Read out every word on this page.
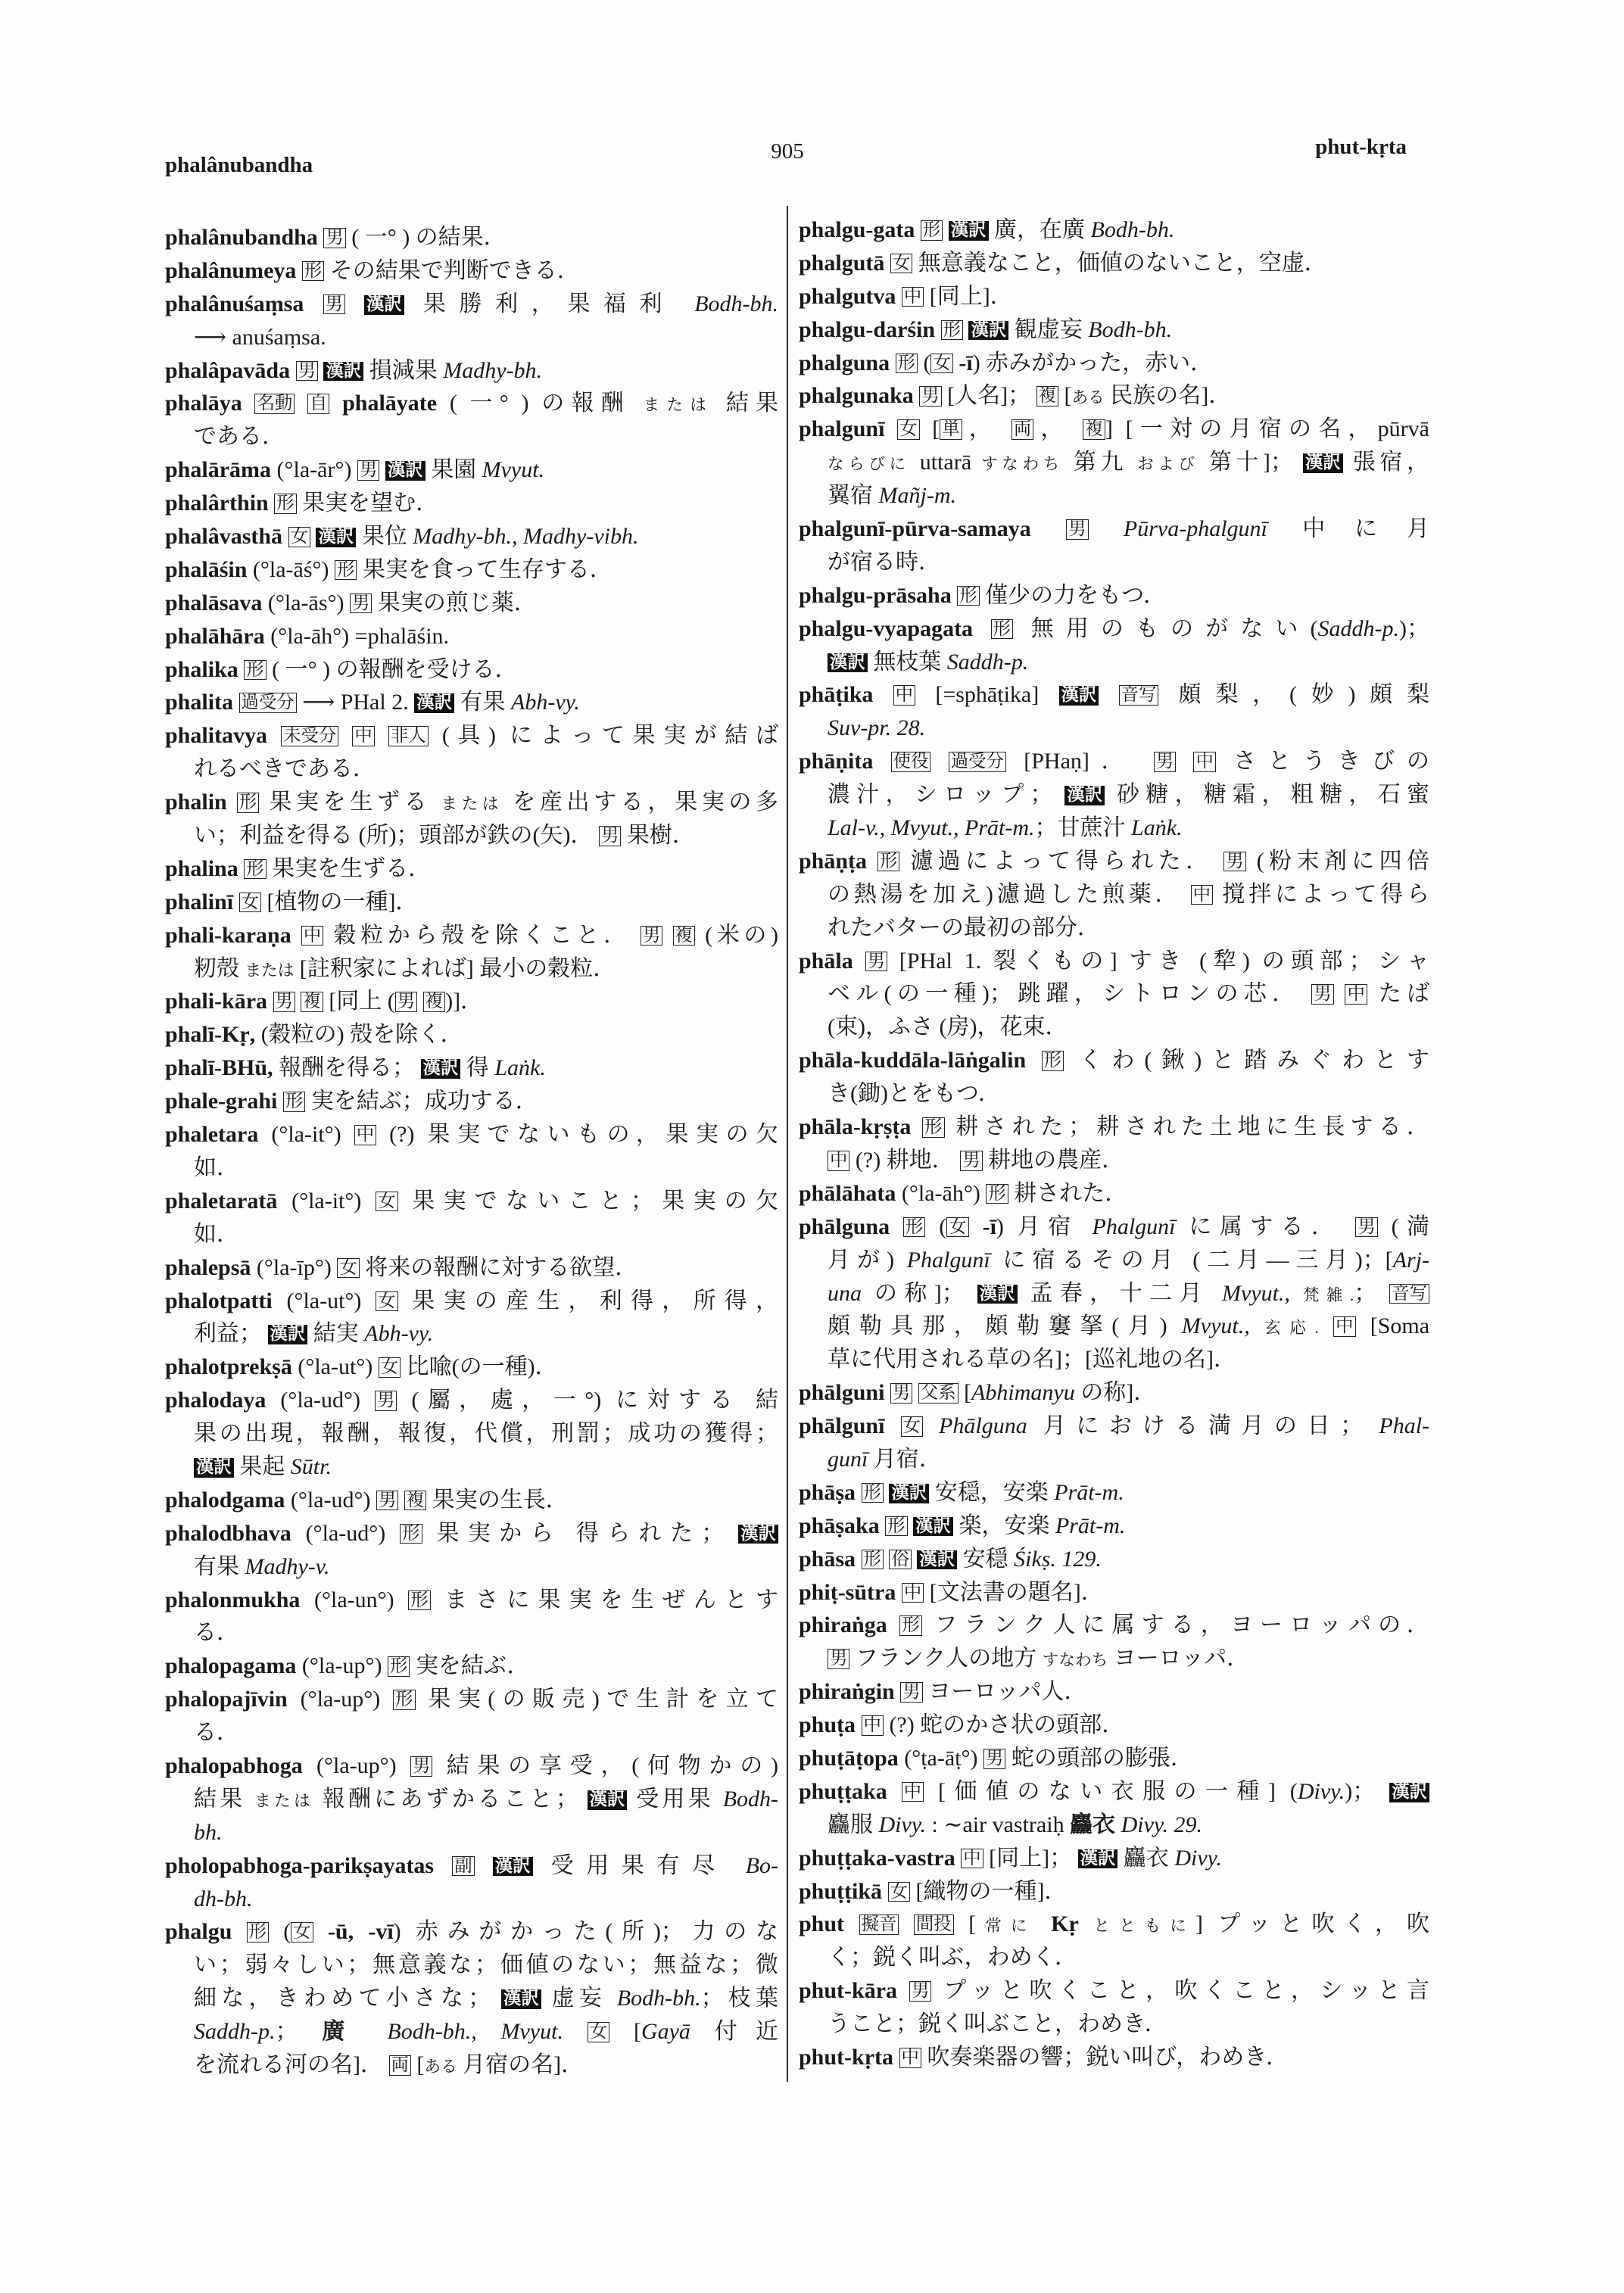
phalânubandha
905	phut-kṛta
phalânubandha 男 ( 一° ) の結果．
phalânumeya 形 その結果で判断できる．
phalânuśaṃsa 男 漢訳 果勝利，果福利 Bodh-bh.
⟶ anuśaṃsa.
phalâpavāda 男 漢訳 損減果 Madhy-bh.
phalāya 名動 自 phalāyate ( 一° ) の報酬 または 結果
である．
phalārāma (°la-ār°) 男 漢訳 果園 Mvyut.
phalârthin 形 果実を望む．
phalâvasthā 女 漢訳 果位 Madhy-bh., Madhy-vibh.
phalāśin (°la-āś°) 形 果実を食って生存する．
phalāsava (°la-ās°) 男 果実の煎じ薬．
phalāhāra (°la-āh°) =phalāśin.
phalika 形 ( 一° ) の報酬を受ける．
phalita 過受分 ⟶ PHal 2. 漢訳 有果 Abh-vy.
phalitavya 未受分 中 非人 (具) によって果実が結ば
れるべきである．
phalin 形 果実を生ずる または を産出する，果実の多
い；利益を得る (所)；頭部が鉄の(矢)． 男 果樹．
phalina 形 果実を生ずる．
phalinī 女 [植物の一種]．
phali-karaṇa 中 穀粒から殻を除くこと． 男 複 (米の)
籾殻 または [註釈家によれば] 最小の穀粒．
phali-kāra 男 複 [同上 ( 男 複 )]．
phalī-Kṛ, (穀粒の) 殻を除く．
phalī-BHū, 報酬を得る； 漢訳 得 Laṅk.
phale-grahi 形 実を結ぶ；成功する．
phaletara (°la-it°) 中 (?) 果実でないもの，果実の欠
如．
phaletaratā (°la-it°) 女 果実でないこと；果実の欠
如．
phalepsā (°la-īp°) 女 将来の報酬に対する欲望．
phalotpatti (°la-ut°) 女 果実の産生，利得，所得，
利益； 漢訳 結実 Abh-vy.
phalotprekṣā (°la-ut°) 女 比喩(の一種)．
phalodaya (°la-ud°) 男 (屬，處，一°) に対する 結
果の出現，報酬，報復，代償，刑罰；成功の獲得；
漢訳 果起 Sūtr.
phalodgama (°la-ud°) 男 複 果実の生長．
phalodbhava (°la-ud°) 形 果実から 得られた； 漢訳
有果 Madhy-v.
phalonmukha (°la-un°) 形 まさに果実を生ぜんとす
る．
phalopagama (°la-up°) 形 実を結ぶ．
phalopajīvin (°la-up°) 形 果実(の販売)で生計を立て
る．
phalopabhoga (°la-up°) 男 結果の享受，(何物かの)
結果 または 報酬にあずかること； 漢訳 受用果 Bodh-
bh.
pholopabhoga-parikṣayatas 副 漢訳 受用果有尽 Bo-
dh-bh.
phalgu 形 ( 女 -ū, -vī) 赤みがかった(所)；力のな
い；弱々しい；無意義な；価値のない；無益な；微
細な，きわめて小さな； 漢訳 虚妄 Bodh-bh.；枝葉
Saddh-p.； 廣 Bodh-bh., Mvyut. 女 [Gayā 付近
を流れる河の名]． 両 [ある 月宿の名]．
phalgu-gata 形 漢訳 廣，在廣 Bodh-bh.
phalgutā 女 無意義なこと，価値のないこと，空虚．
phalgutva 中 [同上]．
phalgu-darśin 形 漢訳 観虚妄 Bodh-bh.
phalguna 形 ( 女 -ī) 赤みがかった，赤い．
phalgunaka 男 [人名]； 複 [ある 民族の名]．
phalgunī 女 [ 単 ， 両 ， 複 ] [一対の月宿の名，pūrvā
ならびに uttarā すなわち 第九 および 第十]； 漢訳 張宿，
翼宿 Mañj-m.
phalgunī-pūrva-samaya 男 Pūrva-phalgunī 中に月
が宿る時．
phalgu-prāsaha 形 僅少の力をもつ．
phalgu-vyapagata 形 無用のものがない(Saddh-p.)；
漢訳 無枝葉 Saddh-p.
phāṭika 中 [=sphāṭika] 漢訳 音写 頗梨，(妙)頗梨
Suv-pr. 28.
phāṇita 使役 過受分 [PHaṇ]． 男 中 さとうきびの
濃汁，シロップ； 漢訳 砂糖，糖霜，粗糖，石蜜
Lal-v., Mvyut., Prāt-m.；甘蔗汁 Laṅk.
phāṇṭa 形 濾過によって得られた． 男 (粉末剤に四倍
の熱湯を加え)濾過した煎薬． 中 撹拌によって得ら
れたバターの最初の部分．
phāla 男 [PHal 1. 裂くもの] すき (犂) の頭部；シャ
ベル(の一種)；跳躍，シトロンの芯． 男 中 たば
(束)，ふさ (房)，花束．
phāla-kuddāla-lāṅgalin 形 くわ(鍬)と踏みぐわとす
き(鋤)とをもつ．
phāla-kṛṣṭa 形 耕された；耕された土地に生長する．
中 (?) 耕地． 男 耕地の農産．
phālāhata (°la-āh°) 形 耕された．
phālguna 形 ( 女 -ī) 月宿 Phalgunī に属する． 男 (満
月が) Phalgunī に宿るその月 (二月—三月)；[Arj-
una の称]； 漢訳 孟春，十二月 Mvyut., 梵雑.； 音写
頗勒具那，頗勒窶拏(月) Mvyut., 玄応. 中 [Soma
草に代用される草の名]；[巡礼地の名]．
phālguni 男 父系 [Abhimanyu の称]．
phālgunī 女 Phālguna 月における満月の日； Phal-
gunī 月宿．
phāṣa 形 漢訳 安穏，安楽 Prāt-m.
phāṣaka 形 漢訳 楽，安楽 Prāt-m.
phāsa 形 俗 漢訳 安穏 Śikṣ. 129.
phiṭ-sūtra 中 [文法書の題名]．
phiraṅga 形 フランク人に属する，ヨーロッパの．
男 フランク人の地方 すなわち ヨーロッパ．
phiraṅgin 男 ヨーロッパ人．
phuṭa 中 (?) 蛇のかさ状の頭部．
phuṭāṭopa (°ṭa-āṭ°) 男 蛇の頭部の膨張．
phuṭṭaka 中 [価値のない衣服の一種] (Divy.)； 漢訳
麤服 Divy. : ∼air vastraiḥ 麤衣 Divy. 29.
phuṭṭaka-vastra 中 [同上]； 漢訳 麤衣 Divy.
phuṭṭikā 女 [織物の一種]．
phut 擬音 間投 [常に Kṛ とともに] プッと吹く，吹
く；鋭く叫ぶ，わめく．
phut-kāra 男 プッと吹くこと，吹くこと，シッと言
うこと；鋭く叫ぶこと，わめき．
phut-kṛta 中 吹奏楽器の響；鋭い叫び，わめき．
